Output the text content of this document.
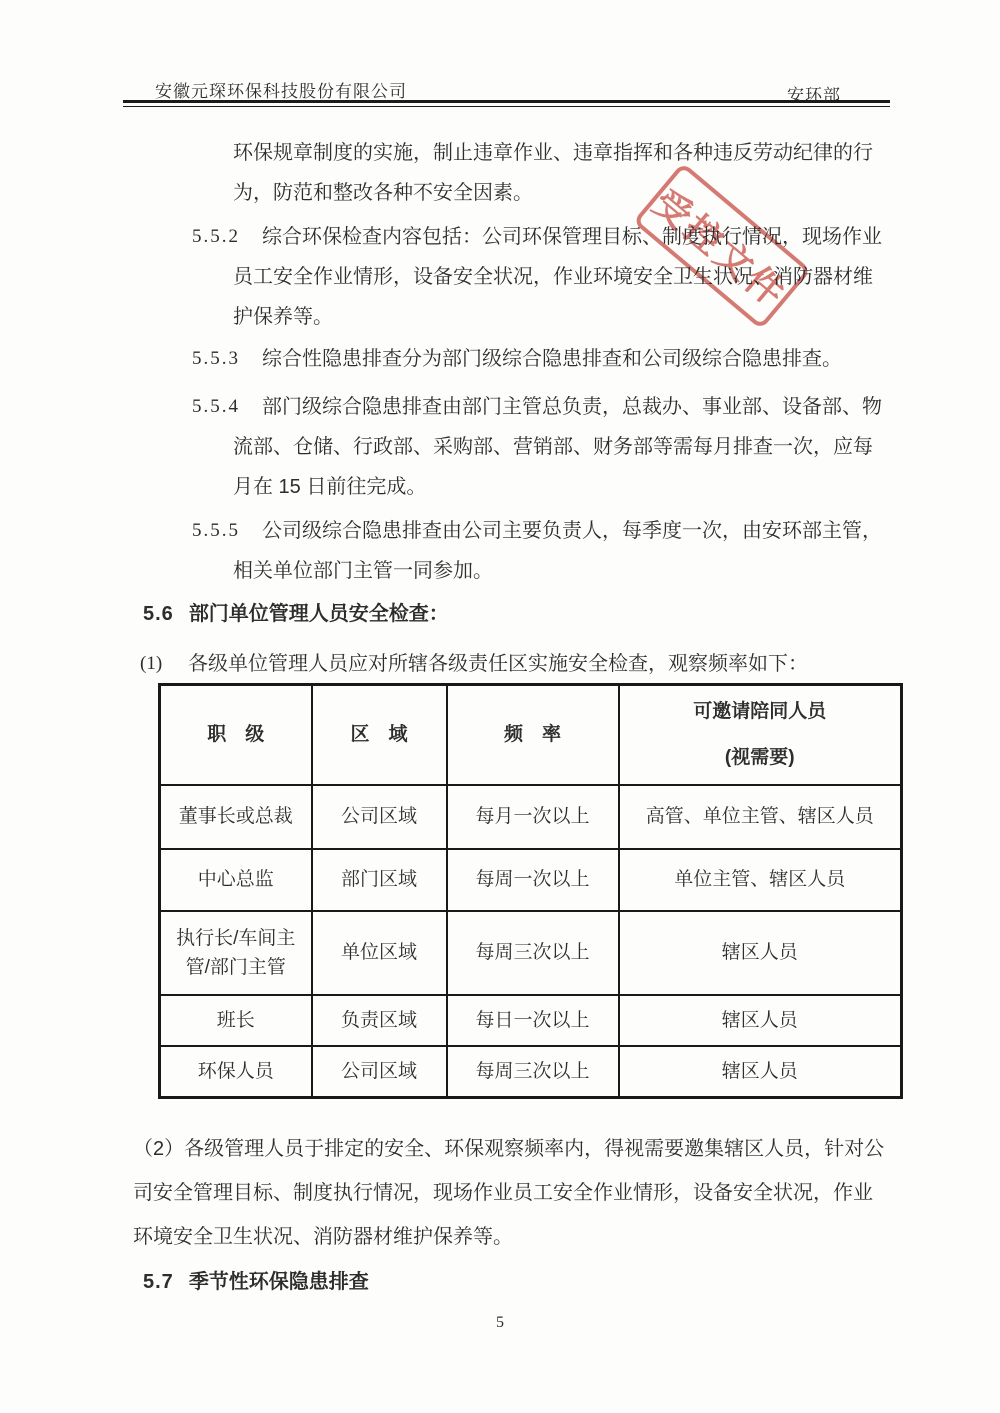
安徽元琛环保科技股份有限公司	安环部
受控文件
环保规章制度的实施，制止违章作业、违章指挥和各种违反劳动纪律的行
为，防范和整改各种不安全因素。
5.5.2	综合环保检查内容包括：公司环保管理目标、制度执行情况，现场作业
员工安全作业情形，设备安全状况，作业环境安全卫生状况、消防器材维
护保养等。
5.5.3	综合性隐患排查分为部门级综合隐患排查和公司级综合隐患排查。
5.5.4	部门级综合隐患排查由部门主管总负责，总裁办、事业部、设备部、物
流部、仓储、行政部、采购部、营销部、财务部等需每月排查一次，应每
月在 15 日前往完成。
5.5.5	公司级综合隐患排查由公司主要负责人，每季度一次，由安环部主管，
相关单位部门主管一同参加。
5.6 部门单位管理人员安全检查：
(1) 各级单位管理人员应对所辖各级责任区实施安全检查，观察频率如下：
职　级	区　域	频　率	可邀请陪同人员
(视需要)

董事长或总裁	公司区域	每月一次以上	高管、单位主管、辖区人员
中心总监	部门区域	每周一次以上	单位主管、辖区人员
执行长/车间主管/部门主管	单位区域	每周三次以上	辖区人员
班长	负责区域	每日一次以上	辖区人员
环保人员	公司区域	每周三次以上	辖区人员
（2）各级管理人员于排定的安全、环保观察频率内，得视需要邀集辖区人员，针对公
司安全管理目标、制度执行情况，现场作业员工安全作业情形，设备安全状况，作业
环境安全卫生状况、消防器材维护保养等。
5.7 季节性环保隐患排查
5
